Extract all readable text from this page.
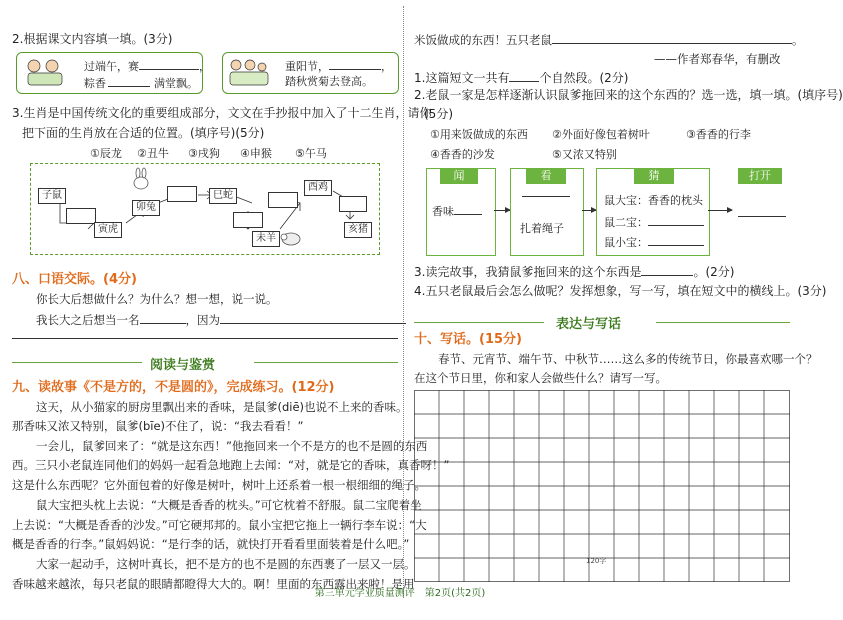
2.根据课文内容填一填。(3分)
过端午，赛	，
粽香	满堂飘。
重阳节，	，
踏秋赏菊去登高。
3.生肖是中国传统文化的重要组成部分，文文在手抄报中加入了十二生肖，请你
把下面的生肖放在合适的位置。(填序号)(5分)
①辰龙 ②丑牛 ③戌狗 ④申猴 ⑤午马
子鼠
寅虎
卯兔
巳蛇
未羊
酉鸡
亥猪
八、口语交际。(4分)
你长大后想做什么？为什么？想一想，说一说。
我长大之后想当一名	，因为
阅读与鉴赏
九、读故事《不是方的，不是圆的》，完成练习。(12分)
这天，从小猫家的厨房里飘出来的香味，是鼠爹(diē)也说不上来的香味。
那香味又浓又特别，鼠爹(bīe)不住了，说：“我去看看！”
一会儿，鼠爹回来了：“就是这东西！”他拖回来一个不是方的也不是圆的东西
西。三只小老鼠连同他们的妈妈一起看急地跑上去闻：“对，就是它的香味，真香呀！”
这是什么东西呢？它外面包着的好像是树叶，树叶上还系着一根一根细细的绳子。
鼠大宝把头枕上去说：“大概是香香的枕头。”可它枕着不舒服。鼠二宝爬着坐
上去说：“大概是香香的沙发。”可它硬邦邦的。鼠小宝把它拖上一辆行李车说：“大
概是香香的行李。”鼠妈妈说：“是行李的话，就快打开看看里面装着是什么吧。”
大家一起动手，这树叶真长，把不是方的也不是圆的东西裹了一层又一层。
香味越来越浓，每只老鼠的眼睛都瞪得大大的。啊！里面的东西露出来啦！是用
米饭做成的东西！五只老鼠	。
——作者郑春华，有删改
1.这篇短文一共有	个自然段。(2分)
2.老鼠一家是怎样逐渐认识鼠爹拖回来的这个东西的？选一选，填一填。(填序号)
(5分)
①用来饭做成的东西 ②外面好像包着树叶	③香香的行李
④香香的沙发	⑤又浓又特别
闻
香味
看
扎着绳子
猜
鼠大宝：香香的枕头
鼠二宝：
鼠小宝：
打开
3.读完故事，我猜鼠爹拖回来的这个东西是	。(2分)
4.五只老鼠最后会怎么做呢？发挥想象，写一写，填在短文中的横线上。(3分)
表达与写话
十、写话。(15分)
春节、元宵节、端午节、中秋节……这么多的传统节日，你最喜欢哪一个？
在这个节日里，你和家人会做些什么？请写一写。
120字
第三单元学业质量测评　第2页(共2页)
